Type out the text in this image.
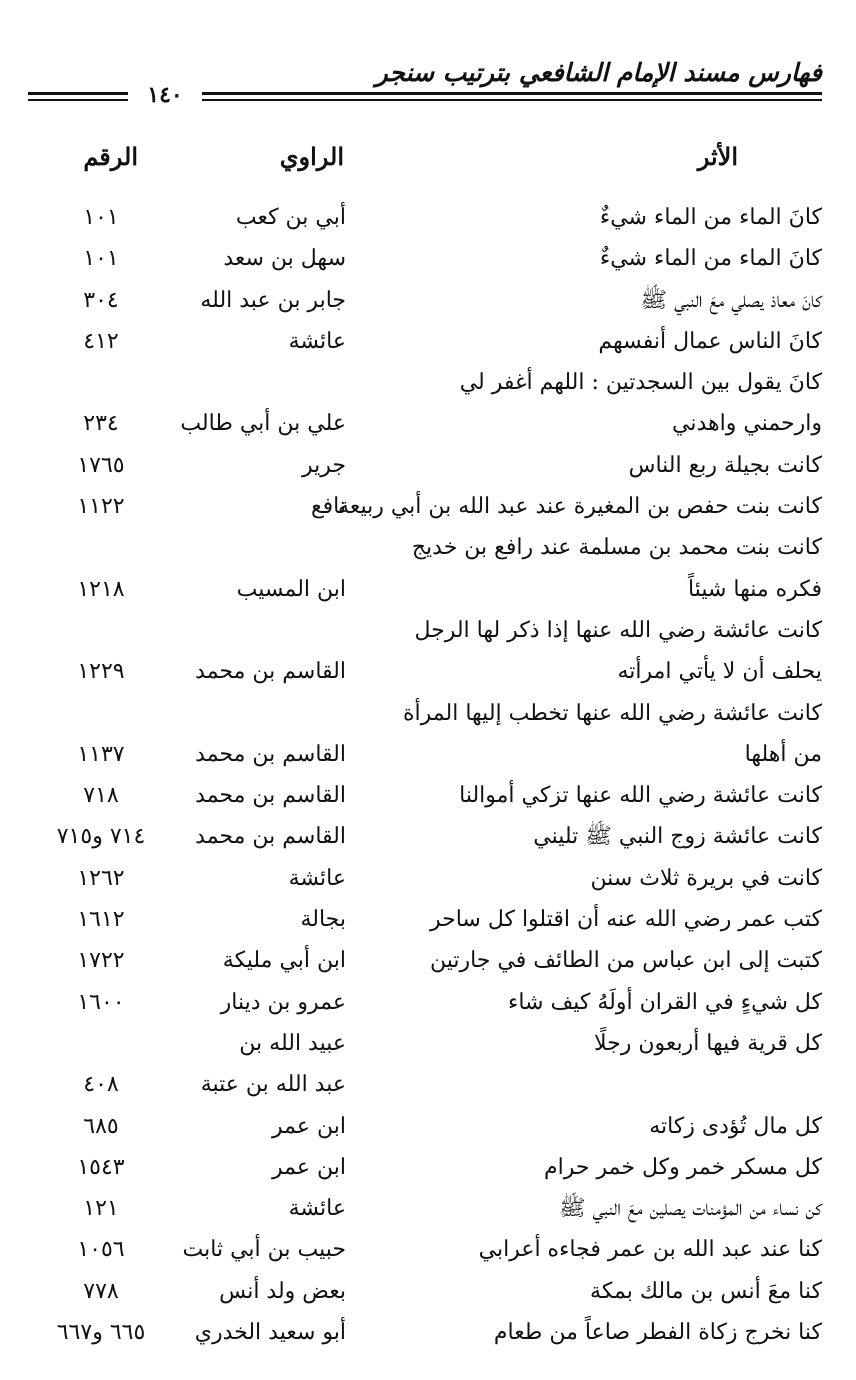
فهارس مسند الإمام الشافعي بترتيب سنجر
١٤٠
الأثر
الراوي
الرقم
كانَ الماء من الماء شيءٌ
أبي بن كعب
١٠١
كانَ الماء من الماء شيءٌ
سهل بن سعد
١٠١
كانَ معاذ يصلي معَ النبي ﷺ
جابر بن عبد الله
٣٠٤
كانَ الناس عمال أنفسهم
عائشة
٤١٢
كانَ يقول بين السجدتين : اللهم أغفر لي
وارحمني واهدني
علي بن أبي طالب
٢٣٤
كانت بجيلة ربع الناس
جرير
١٧٦٥
كانت بنت حفص بن المغيرة عند عبد الله بن أبي ربيعة
نافع
١١٢٢
كانت بنت محمد بن مسلمة عند رافع بن خديج
فكره منها شيئاً
ابن المسيب
١٢١٨
كانت عائشة رضي الله عنها إذا ذكر لها الرجل
يحلف أن لا يأتي امرأته
القاسم بن محمد
١٢٢٩
كانت عائشة رضي الله عنها تخطب إليها المرأة
من أهلها
القاسم بن محمد
١١٣٧
كانت عائشة رضي الله عنها تزكي أموالنا
القاسم بن محمد
٧١٨
كانت عائشة زوج النبي ﷺ تليني
القاسم بن محمد
٧١٤ و٧١٥
كانت في بريرة ثلاث سنن
عائشة
١٢٦٢
كتب عمر رضي الله عنه أن اقتلوا كل ساحر
بجالة
١٦١٢
كتبت إلى ابن عباس من الطائف في جارتين
ابن أبي مليكة
١٧٢٢
كل شيءٍ في القران أولَهُ كيف شاء
عمرو بن دينار
١٦٠٠
كل قرية فيها أربعون رجلًا
عبيد الله بن
عبد الله بن عتبة
٤٠٨
كل مال تُؤدى زكاته
ابن عمر
٦٨٥
كل مسكر خمر وكل خمر حرام
ابن عمر
١٥٤٣
كن نساء من المؤمنات يصلين معَ النبي ﷺ
عائشة
١٢١
كنا عند عبد الله بن عمر فجاءه أعرابي
حبيب بن أبي ثابت
١٠٥٦
كنا معَ أنس بن مالك بمكة
بعض ولد أنس
٧٧٨
كنا نخرج زكاة الفطر صاعاً من طعام
أبو سعيد الخدري
٦٦٥ و٦٦٧
